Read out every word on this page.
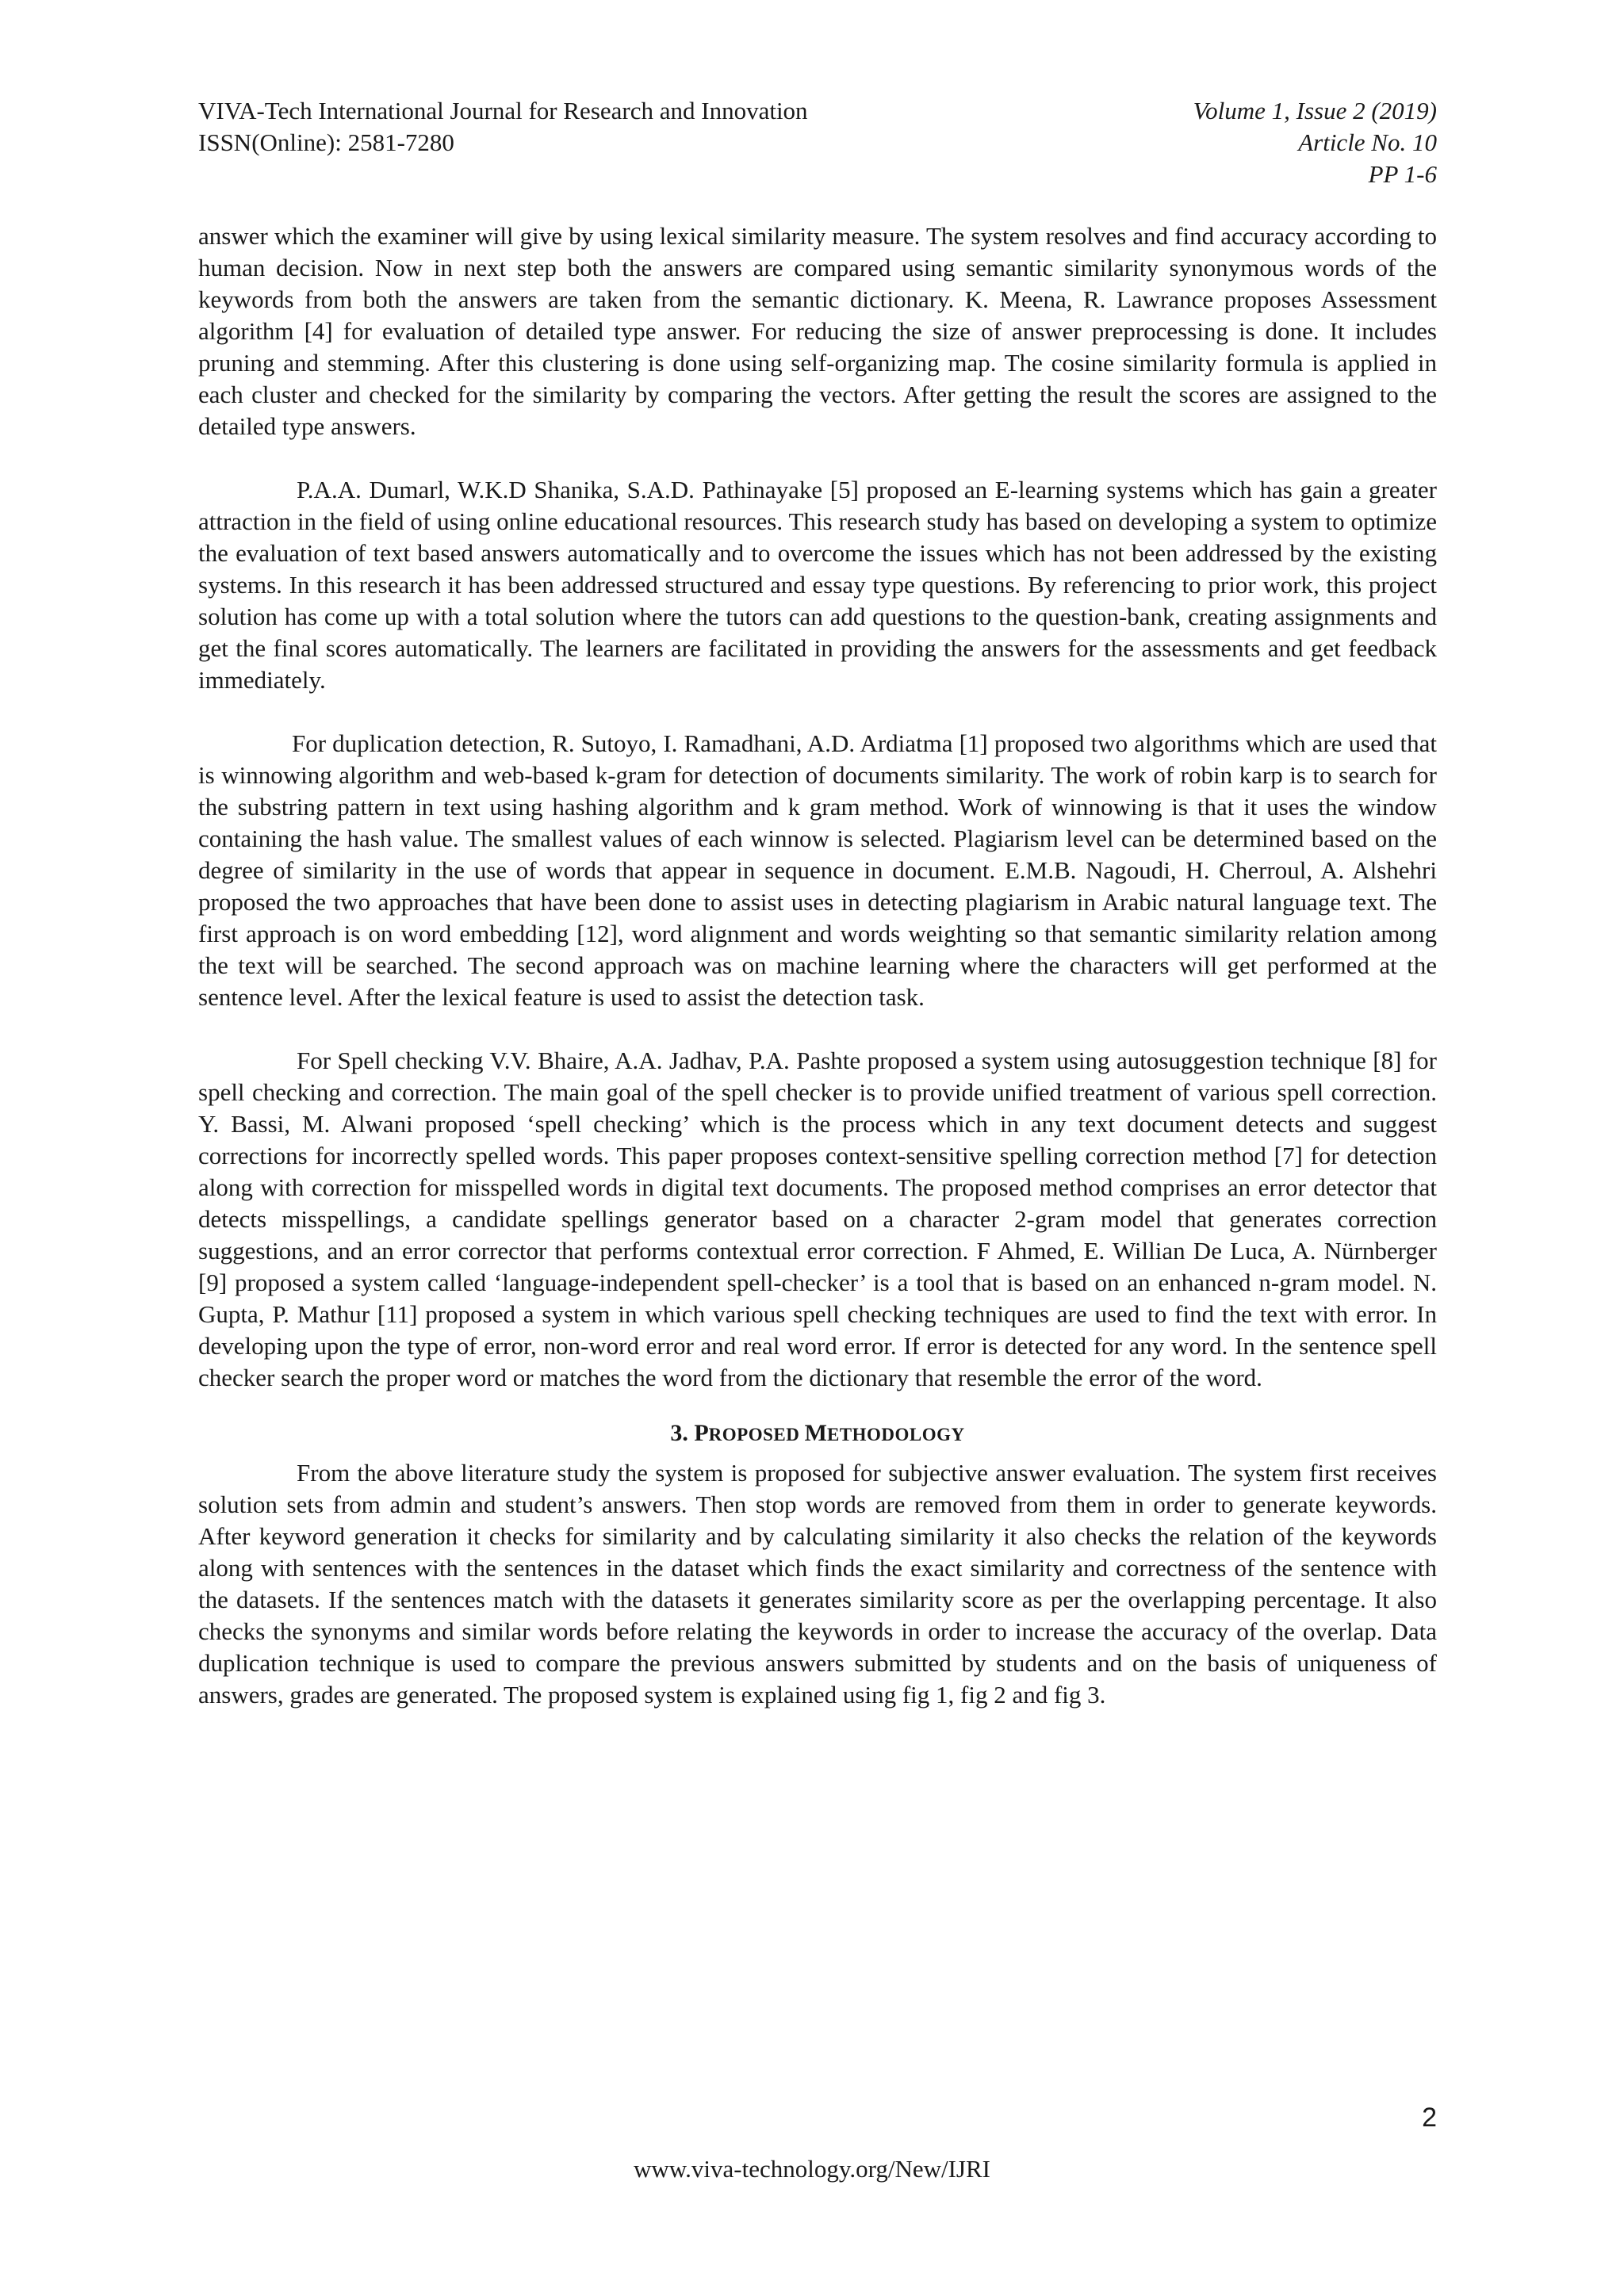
VIVA-Tech International Journal for Research and Innovation
ISSN(Online): 2581-7280
Volume 1, Issue 2 (2019)
Article No. 10
PP 1-6

answer which the examiner will give by using lexical similarity measure. The system resolves and find accuracy according to human decision. Now in next step both the answers are compared using semantic similarity synonymous words of the keywords from both the answers are taken from the semantic dictionary. K. Meena, R. Lawrance proposes Assessment algorithm [4] for evaluation of detailed type answer. For reducing the size of answer preprocessing is done. It includes pruning and stemming. After this clustering is done using self-organizing map. The cosine similarity formula is applied in each cluster and checked for the similarity by comparing the vectors. After getting the result the scores are assigned to the detailed type answers.

P.A.A. Dumarl, W.K.D Shanika, S.A.D. Pathinayake [5] proposed an E-learning systems which has gain a greater attraction in the field of using online educational resources. This research study has based on developing a system to optimize the evaluation of text based answers automatically and to overcome the issues which has not been addressed by the existing systems. In this research it has been addressed structured and essay type questions. By referencing to prior work, this project solution has come up with a total solution where the tutors can add questions to the question-bank, creating assignments and get the final scores automatically. The learners are facilitated in providing the answers for the assessments and get feedback immediately.

For duplication detection, R. Sutoyo, I. Ramadhani, A.D. Ardiatma [1] proposed two algorithms which are used that is winnowing algorithm and web-based k-gram for detection of documents similarity. The work of robin karp is to search for the substring pattern in text using hashing algorithm and k gram method. Work of winnowing is that it uses the window containing the hash value. The smallest values of each winnow is selected. Plagiarism level can be determined based on the degree of similarity in the use of words that appear in sequence in document. E.M.B. Nagoudi, H. Cherroul, A. Alshehri proposed the two approaches that have been done to assist uses in detecting plagiarism in Arabic natural language text. The first approach is on word embedding [12], word alignment and words weighting so that semantic similarity relation among the text will be searched. The second approach was on machine learning where the characters will get performed at the sentence level. After the lexical feature is used to assist the detection task.

For Spell checking V.V. Bhaire, A.A. Jadhav, P.A. Pashte proposed a system using autosuggestion technique [8] for spell checking and correction. The main goal of the spell checker is to provide unified treatment of various spell correction. Y. Bassi, M. Alwani proposed ‘spell checking’ which is the process which in any text document detects and suggest corrections for incorrectly spelled words. This paper proposes context-sensitive spelling correction method [7] for detection along with correction for misspelled words in digital text documents. The proposed method comprises an error detector that detects misspellings, a candidate spellings generator based on a character 2-gram model that generates correction suggestions, and an error corrector that performs contextual error correction. F Ahmed, E. Willian De Luca, A. Nürnberger [9] proposed a system called ‘language-independent spell-checker’ is a tool that is based on an enhanced n-gram model. N. Gupta, P. Mathur [11] proposed a system in which various spell checking techniques are used to find the text with error. In developing upon the type of error, non-word error and real word error. If error is detected for any word. In the sentence spell checker search the proper word or matches the word from the dictionary that resemble the error of the word.

3. PROPOSED METHODOLOGY

From the above literature study the system is proposed for subjective answer evaluation. The system first receives solution sets from admin and student’s answers. Then stop words are removed from them in order to generate keywords. After keyword generation it checks for similarity and by calculating similarity it also checks the relation of the keywords along with sentences with the sentences in the dataset which finds the exact similarity and correctness of the sentence with the datasets. If the sentences match with the datasets it generates similarity score as per the overlapping percentage. It also checks the synonyms and similar words before relating the keywords in order to increase the accuracy of the overlap. Data duplication technique is used to compare the previous answers submitted by students and on the basis of uniqueness of answers, grades are generated. The proposed system is explained using fig 1, fig 2 and fig 3.

2
www.viva-technology.org/New/IJRI
